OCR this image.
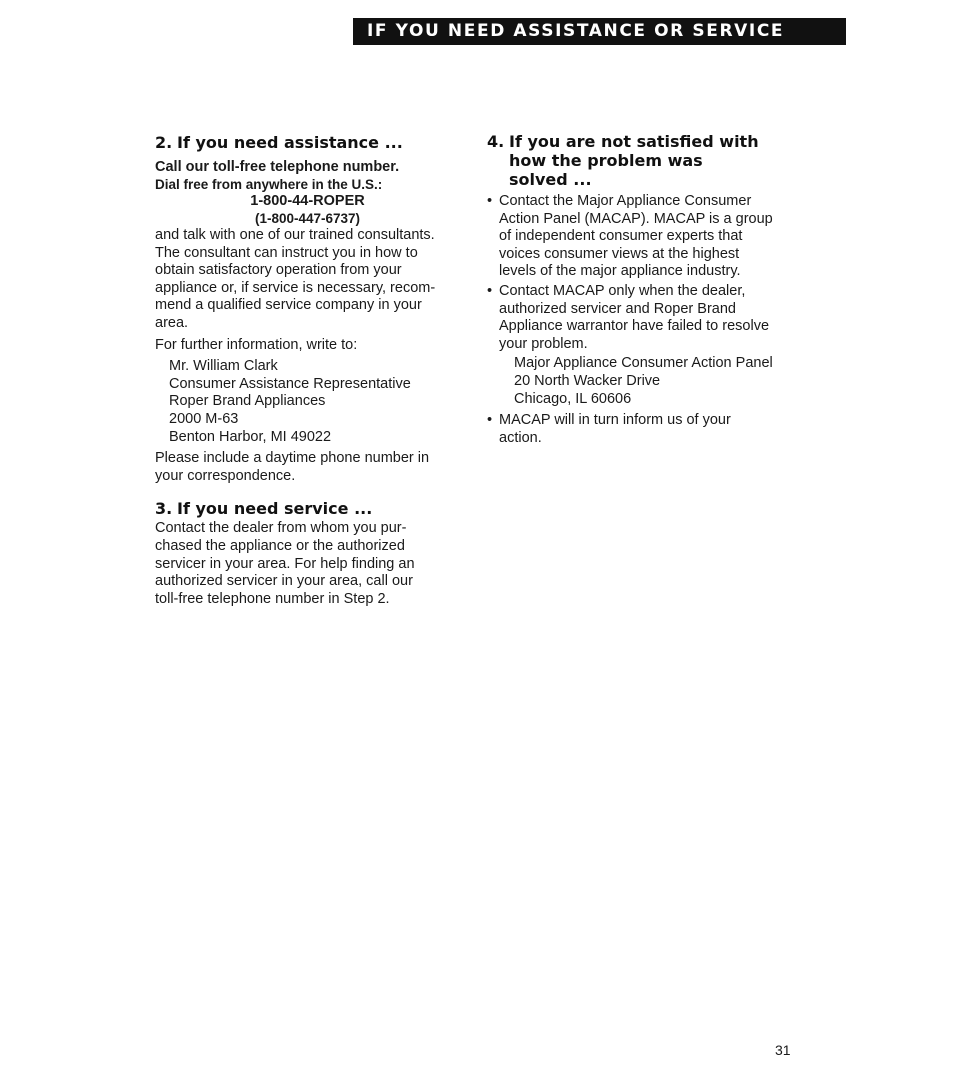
IF YOU NEED ASSISTANCE OR SERVICE
2. If you need assistance ...

Call our toll-free telephone number.

Dial free from anywhere in the U.S.:

1-800-44-ROPER

(1-800-447-6737)

and talk with one of our trained consultants.

The consultant can instruct you in how to

obtain satisfactory operation from your

appliance or, if service is necessary, recom-

mend a qualified service company in your

area.

For further information, write to:

Mr. William Clark

Consumer Assistance Representative

Roper Brand Appliances

2000 M-63

Benton Harbor, MI 49022

Please include a daytime phone number in

your correspondence.

3. If you need service ...

Contact the dealer from whom you pur-

chased the appliance or the authorized

servicer in your area. For help finding an

authorized servicer in your area, call our

toll-free telephone number in Step 2.

4. If you are not satisfied with
how the problem was
solved ...
• Contact the Major Appliance Consumer
Action Panel (MACAP). MACAP is a group
of independent consumer experts that
voices consumer views at the highest
levels of the major appliance industry.
• Contact MACAP only when the dealer,
authorized servicer and Roper Brand
Appliance warrantor have failed to resolve
your problem.

Major Appliance Consumer Action Panel

20 North Wacker Drive

Chicago, IL 60606

• MACAP will in turn inform us of your
action.
31
